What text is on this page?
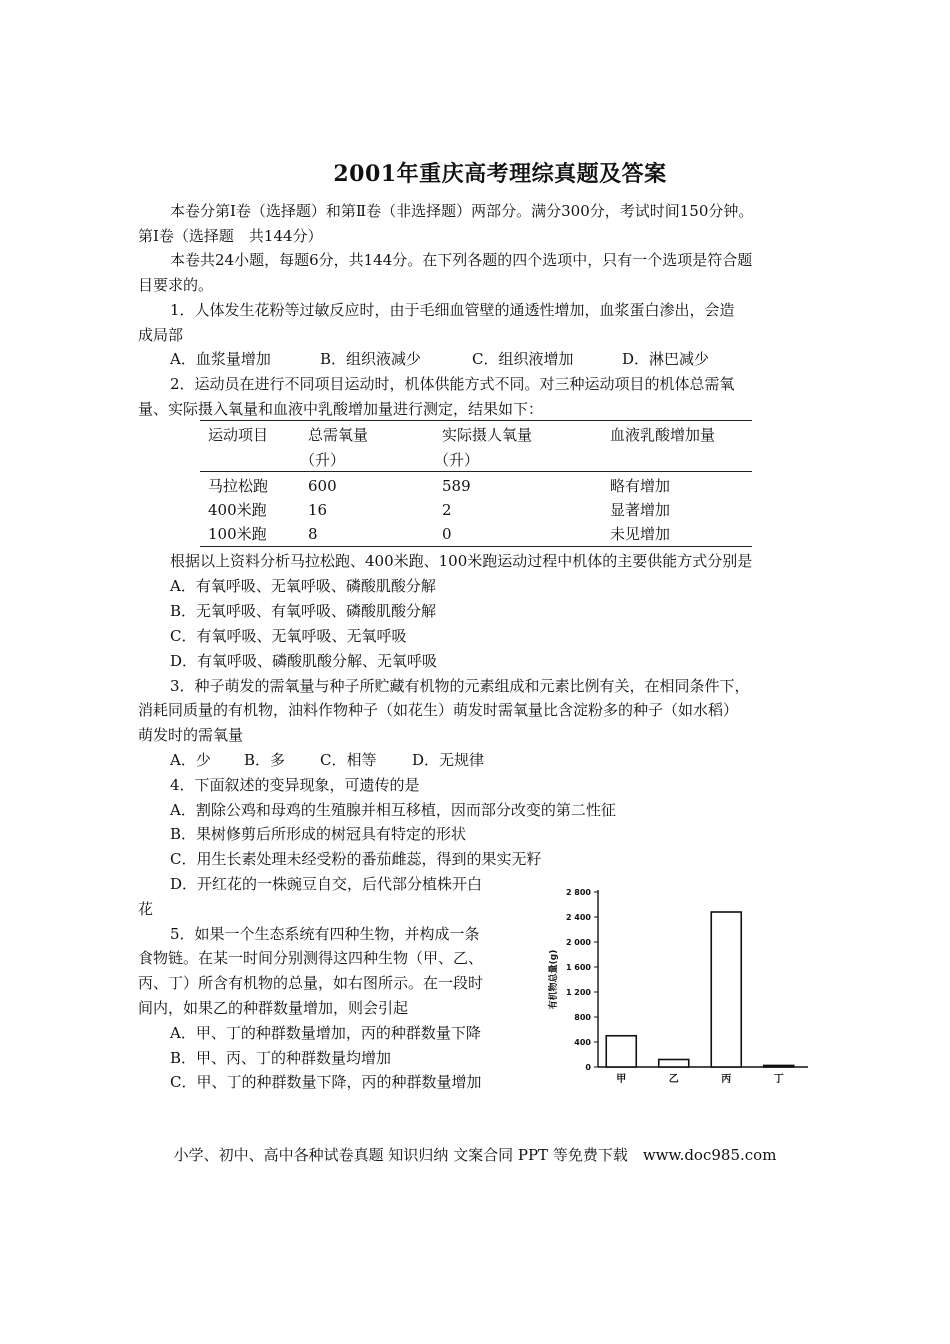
2001年重庆高考理综真题及答案
本卷分第Ⅰ卷（选择题）和第Ⅱ卷（非选择题）两部分。满分300分，考试时间150分钟。
第Ⅰ卷（选择题　共144分）
本卷共24小题，每题6分，共144分。在下列各题的四个选项中，只有一个选项是符合题
目要求的。
1．人体发生花粉等过敏反应时，由于毛细血管壁的通透性增加，血浆蛋白渗出，会造
成局部
A．血浆量增加	B．组织液减少	C．组织液增加	D．淋巴减少
2．运动员在进行不同项目运动时，机体供能方式不同。对三种运动项目的机体总需氧
量、实际摄入氧量和血液中乳酸增加量进行测定，结果如下：
运动项目	总需氧量	实际摄人氧量	血液乳酸增加量
（升）	（升）
马拉松跑	600	589	略有增加
400米跑	16	2	显著增加
100米跑	8	0	未见增加
根据以上资料分析马拉松跑、400米跑、100米跑运动过程中机体的主要供能方式分别是
A．有氧呼吸、无氧呼吸、磷酸肌酸分解
B．无氧呼吸、有氧呼吸、磷酸肌酸分解
C．有氧呼吸、无氧呼吸、无氧呼吸
D．有氧呼吸、磷酸肌酸分解、无氧呼吸
3．种子萌发的需氧量与种子所贮藏有机物的元素组成和元素比例有关，在相同条件下，
消耗同质量的有机物，油料作物种子（如花生）萌发时需氧量比含淀粉多的种子（如水稻）
萌发时的需氧量
A．少 B．多 C．相等 D．无规律
4．下面叙述的变异现象，可遗传的是
A．割除公鸡和母鸡的生殖腺并相互移植，因而部分改变的第二性征
B．果树修剪后所形成的树冠具有特定的形状
C．用生长素处理未经受粉的番茄雌蕊，得到的果实无籽
D．开红花的一株豌豆自交，后代部分植株开白
花
5．如果一个生态系统有四种生物，并构成一条
食物链。在某一时间分别测得这四种生物（甲、乙、
丙、丁）所含有机物的总量，如右图所示。在一段时
间内，如果乙的种群数量增加，则会引起
A．甲、丁的种群数量增加，丙的种群数量下降
B．甲、丙、丁的种群数量均增加
C．甲、丁的种群数量下降，丙的种群数量增加
0
400
800
1 200
1 600
2 000
2 400
2 800
有机物总量(g)
甲	乙	丙	丁
小学、初中、高中各种试卷真题 知识归纳 文案合同 PPT 等免费下载　www.doc985.com
